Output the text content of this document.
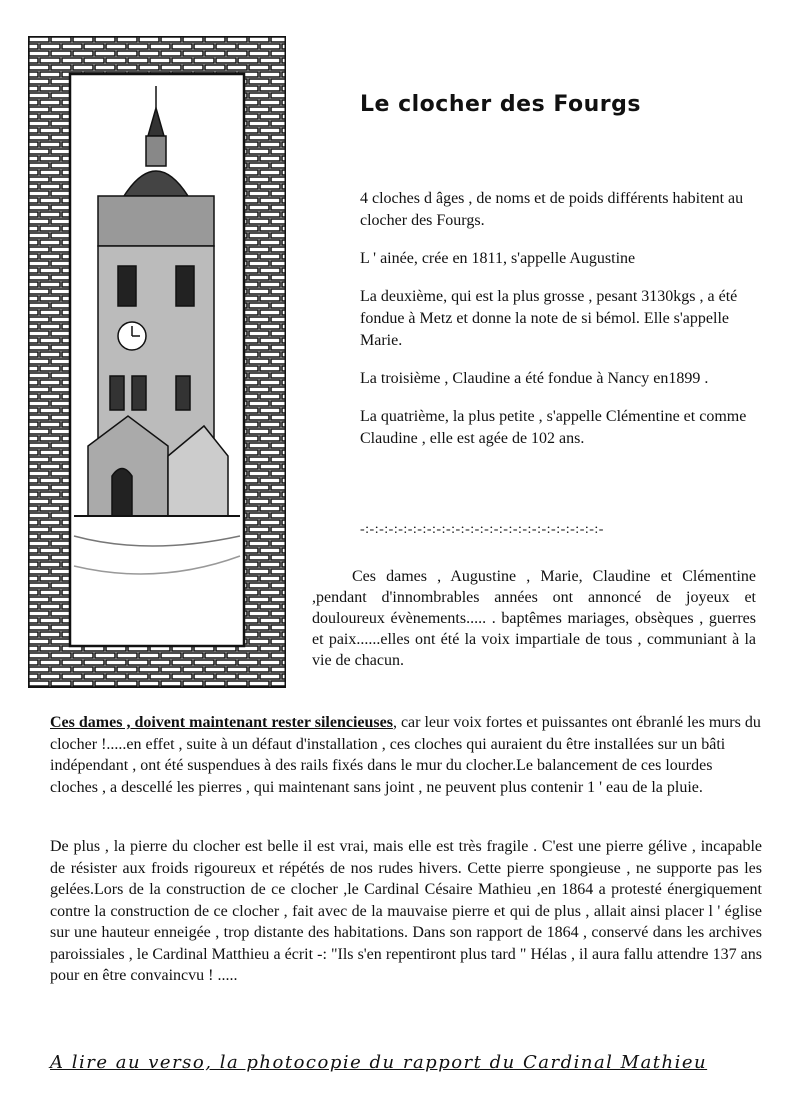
Le clocher des Fourgs

4 cloches d âges , de noms et de poids différents habitent au clocher des Fourgs.

L ' ainée, crée en 1811, s'appelle Augustine

La deuxième, qui est la plus grosse , pesant 3130kgs , a été fondue à Metz et donne la note de si bémol. Elle s'appelle Marie.

La troisième , Claudine a été fondue à Nancy en1899 .

La quatrième, la plus petite , s'appelle Clémentine et comme Claudine , elle est agée de 102 ans.

-:-:-:-:-:-:-:-:-:-:-:-:-:-:-:-:-:-:-:-:-:-:-:-:-:-
Ces dames , Augustine , Marie, Claudine et Clémentine ,pendant d'innombrables années ont annoncé de joyeux et douloureux évènements..... . baptêmes mariages, obsèques , guerres et paix......elles ont été la voix impartiale de tous , communiant à la vie de chacun.
Ces dames , doivent maintenant rester silencieuses, car leur voix fortes et puissantes ont ébranlé les murs du clocher !.....en effet , suite à un défaut d'installation , ces cloches qui auraient du être installées sur un bâti indépendant , ont été suspendues à des rails fixés dans le mur du clocher.Le balancement de ces lourdes cloches , a descellé les pierres , qui maintenant sans joint , ne peuvent plus contenir 1 ' eau de la pluie.
De plus , la pierre du clocher est belle il est vrai, mais elle est très fragile . C'est une pierre gélive , incapable de résister aux froids rigoureux et répétés de nos rudes hivers. Cette pierre spongieuse , ne supporte pas les gelées.Lors de la construction de ce clocher ,le Cardinal Césaire Mathieu ,en 1864 a protesté énergiquement contre la construction de ce clocher , fait avec de la mauvaise pierre et qui de plus , allait ainsi placer l ' église sur une hauteur enneigée , trop distante des habitations. Dans son rapport de 1864 , conservé dans les archives paroissiales , le Cardinal Matthieu a écrit -: "Ils s'en repentiront plus tard " Hélas , il aura fallu attendre 137 ans pour en être convaincvu ! .....
A lire au verso, la photocopie du rapport du Cardinal Mathieu
